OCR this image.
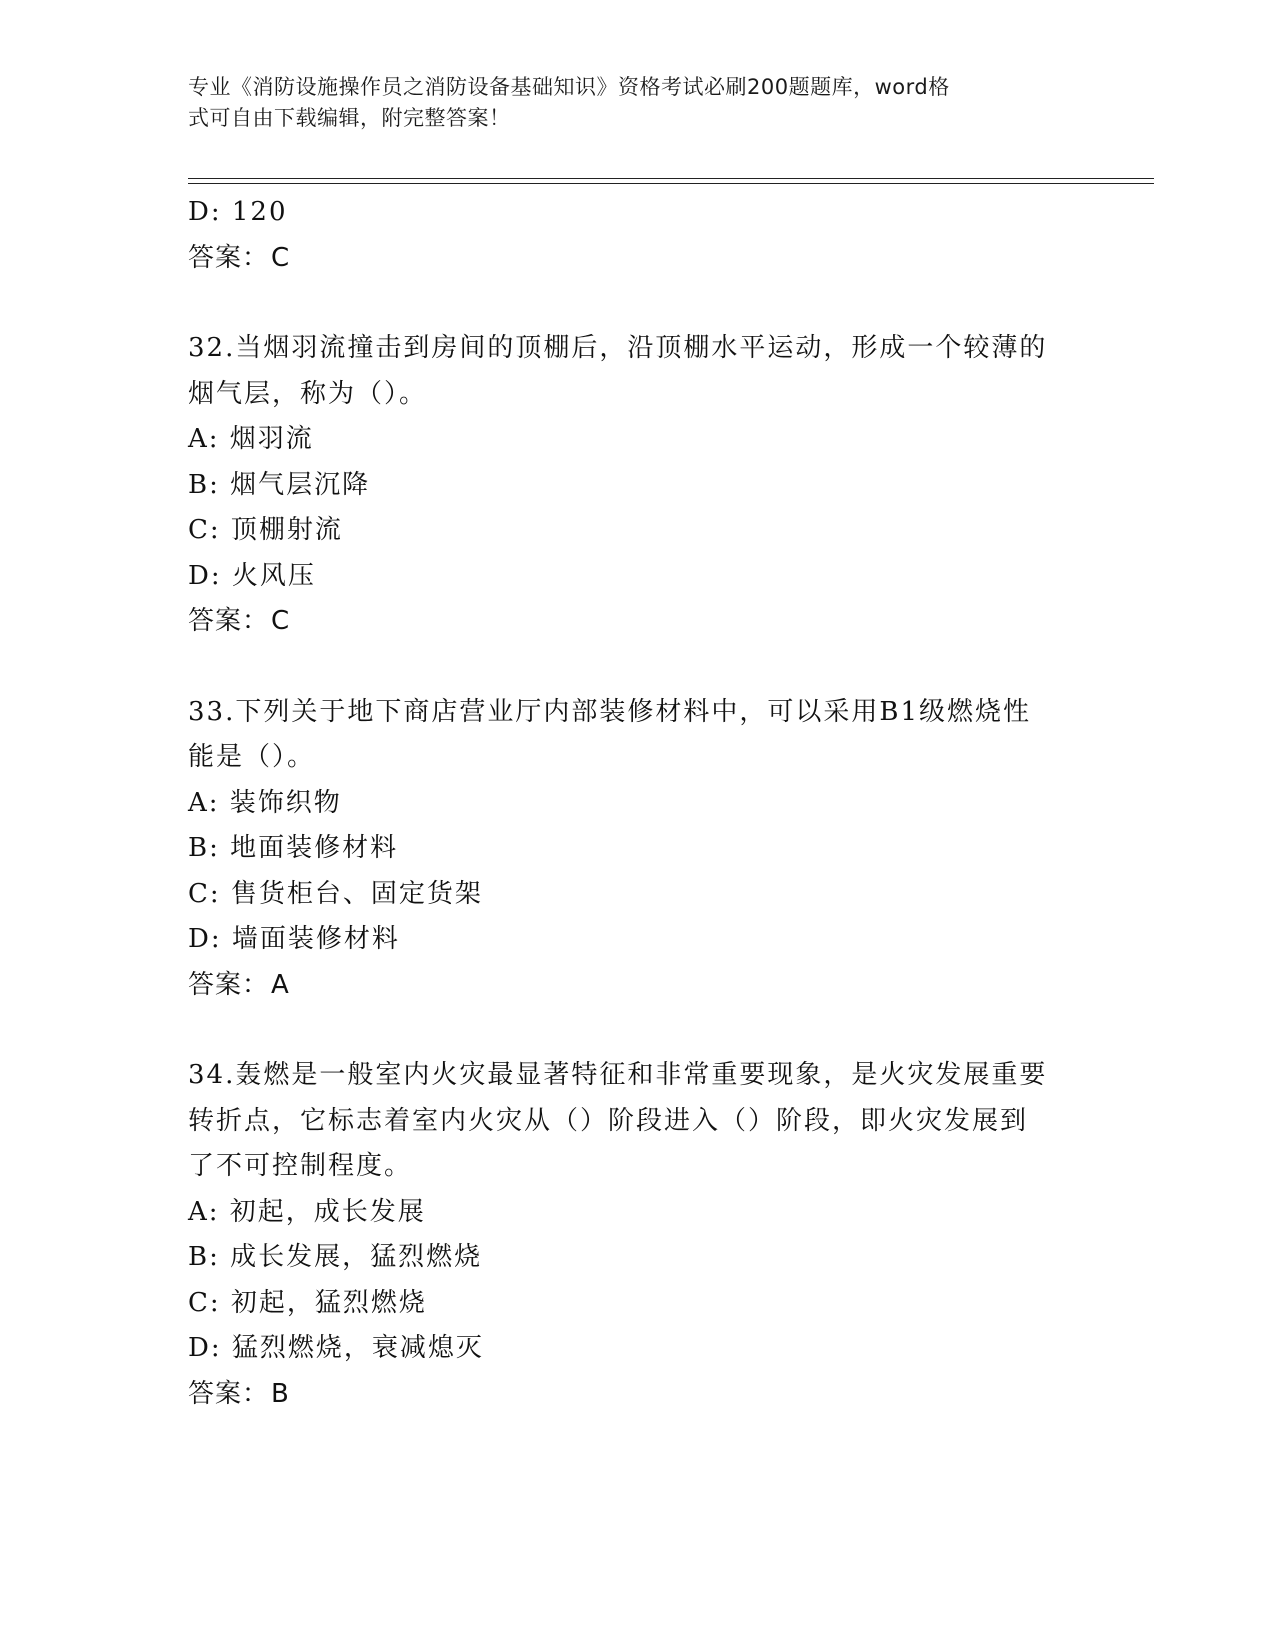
专业《消防设施操作员之消防设备基础知识》资格考试必刷200题题库，word格
式可自由下载编辑，附完整答案！
D: 120
答案：C
32.当烟羽流撞击到房间的顶棚后，沿顶棚水平运动，形成一个较薄的
烟气层，称为（）。
A: 烟羽流
B: 烟气层沉降
C: 顶棚射流
D: 火风压
答案：C
33.下列关于地下商店营业厅内部装修材料中，可以采用B1级燃烧性
能是（）。
A: 装饰织物
B: 地面装修材料
C: 售货柜台、固定货架
D: 墙面装修材料
答案：A
34.轰燃是一般室内火灾最显著特征和非常重要现象，是火灾发展重要
转折点，它标志着室内火灾从（）阶段进入（）阶段，即火灾发展到
了不可控制程度。
A: 初起，成长发展
B: 成长发展，猛烈燃烧
C: 初起，猛烈燃烧
D: 猛烈燃烧，衰减熄灭
答案：B
